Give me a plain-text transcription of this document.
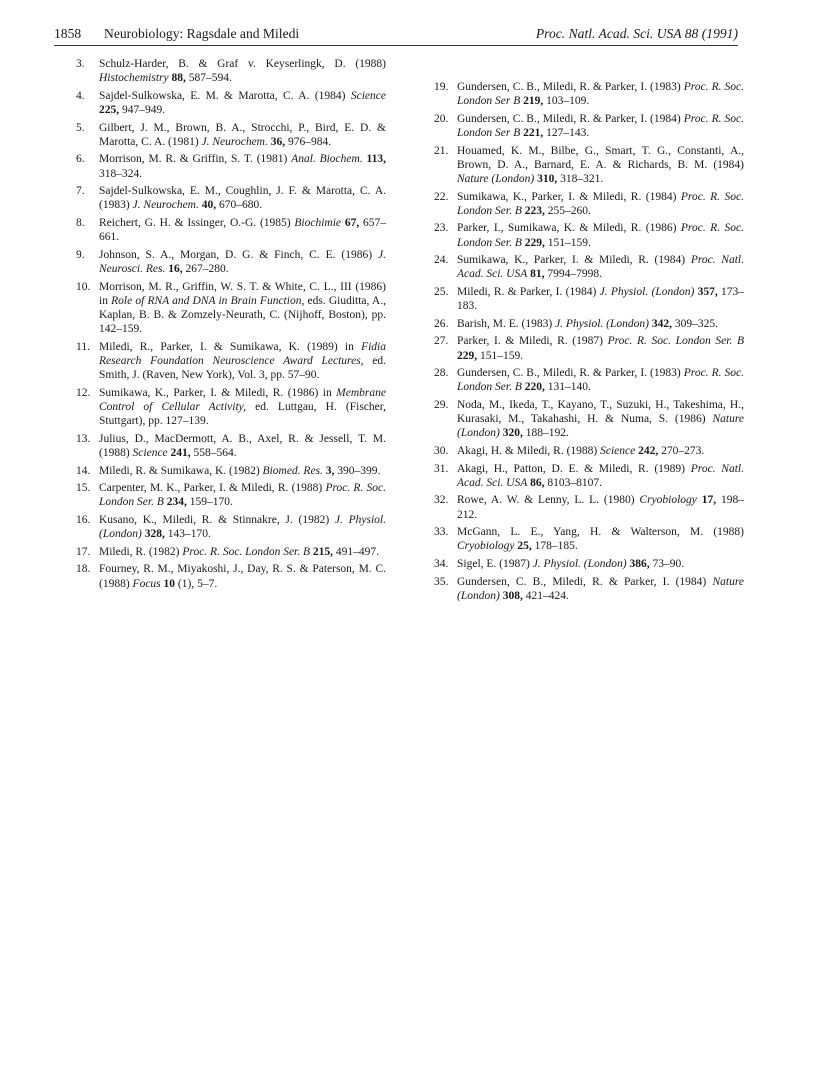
1858 Neurobiology: Ragsdale and Miledi	Proc. Natl. Acad. Sci. USA 88 (1991)
3.	Schulz-Harder, B. & Graf v. Keyserlingk, D. (1988) Histochemistry 88, 587–594.
4.	Sajdel-Sulkowska, E. M. & Marotta, C. A. (1984) Science 225, 947–949.
5.	Gilbert, J. M., Brown, B. A., Strocchi, P., Bird, E. D. & Marotta, C. A. (1981) J. Neurochem. 36, 976–984.
6.	Morrison, M. R. & Griffin, S. T. (1981) Anal. Biochem. 113, 318–324.
7.	Sajdel-Sulkowska, E. M., Coughlin, J. F. & Marotta, C. A. (1983) J. Neurochem. 40, 670–680.
8.	Reichert, G. H. & Issinger, O.-G. (1985) Biochimie 67, 657–661.
9.	Johnson, S. A., Morgan, D. G. & Finch, C. E. (1986) J. Neurosci. Res. 16, 267–280.
10. Morrison, M. R., Griffin, W. S. T. & White, C. L., III (1986) in Role of RNA and DNA in Brain Function, eds. Giuditta, A., Kaplan, B. B. & Zomzely-Neurath, C. (Nijhoff, Boston), pp. 142–159.
11. Miledi, R., Parker, I. & Sumikawa, K. (1989) in Fidia Research Foundation Neuroscience Award Lectures, ed. Smith, J. (Raven, New York), Vol. 3, pp. 57–90.
12. Sumikawa, K., Parker, I. & Miledi, R. (1986) in Membrane Control of Cellular Activity, ed. Luttgau, H. (Fischer, Stuttgart), pp. 127–139.
13. Julius, D., MacDermott, A. B., Axel, R. & Jessell, T. M. (1988) Science 241, 558–564.
14. Miledi, R. & Sumikawa, K. (1982) Biomed. Res. 3, 390–399.
15. Carpenter, M. K., Parker, I. & Miledi, R. (1988) Proc. R. Soc. London Ser. B 234, 159–170.
16. Kusano, K., Miledi, R. & Stinnakre, J. (1982) J. Physiol. (London) 328, 143–170.
17. Miledi, R. (1982) Proc. R. Soc. London Ser. B 215, 491–497.
18. Fourney, R. M., Miyakoshi, J., Day, R. S. & Paterson, M. C. (1988) Focus 10 (1), 5–7.
19. Gundersen, C. B., Miledi, R. & Parker, I. (1983) Proc. R. Soc. London Ser B 219, 103–109.
20. Gundersen, C. B., Miledi, R. & Parker, I. (1984) Proc. R. Soc. London Ser B 221, 127–143.
21. Houamed, K. M., Bilbe, G., Smart, T. G., Constanti, A., Brown, D. A., Barnard, E. A. & Richards, B. M. (1984) Nature (London) 310, 318–321.
22. Sumikawa, K., Parker, I. & Miledi, R. (1984) Proc. R. Soc. London Ser. B 223, 255–260.
23. Parker, I., Sumikawa, K. & Miledi, R. (1986) Proc. R. Soc. London Ser. B 229, 151–159.
24. Sumikawa, K., Parker, I. & Miledi, R. (1984) Proc. Natl. Acad. Sci. USA 81, 7994–7998.
25. Miledi, R. & Parker, I. (1984) J. Physiol. (London) 357, 173–183.
26. Barish, M. E. (1983) J. Physiol. (London) 342, 309–325.
27. Parker, I. & Miledi, R. (1987) Proc. R. Soc. London Ser. B 229, 151–159.
28. Gundersen, C. B., Miledi, R. & Parker, I. (1983) Proc. R. Soc. London Ser. B 220, 131–140.
29. Noda, M., Ikeda, T., Kayano, T., Suzuki, H., Takeshima, H., Kurasaki, M., Takahashi, H. & Numa, S. (1986) Nature (London) 320, 188–192.
30. Akagi, H. & Miledi, R. (1988) Science 242, 270–273.
31. Akagi, H., Patton, D. E. & Miledi, R. (1989) Proc. Natl. Acad. Sci. USA 86, 8103–8107.
32. Rowe, A. W. & Lenny, L. L. (1980) Cryobiology 17, 198–212.
33. McGann, L. E., Yang, H. & Walterson, M. (1988) Cryobiology 25, 178–185.
34. Sigel, E. (1987) J. Physiol. (London) 386, 73–90.
35. Gundersen, C. B., Miledi, R. & Parker, I. (1984) Nature (London) 308, 421–424.
